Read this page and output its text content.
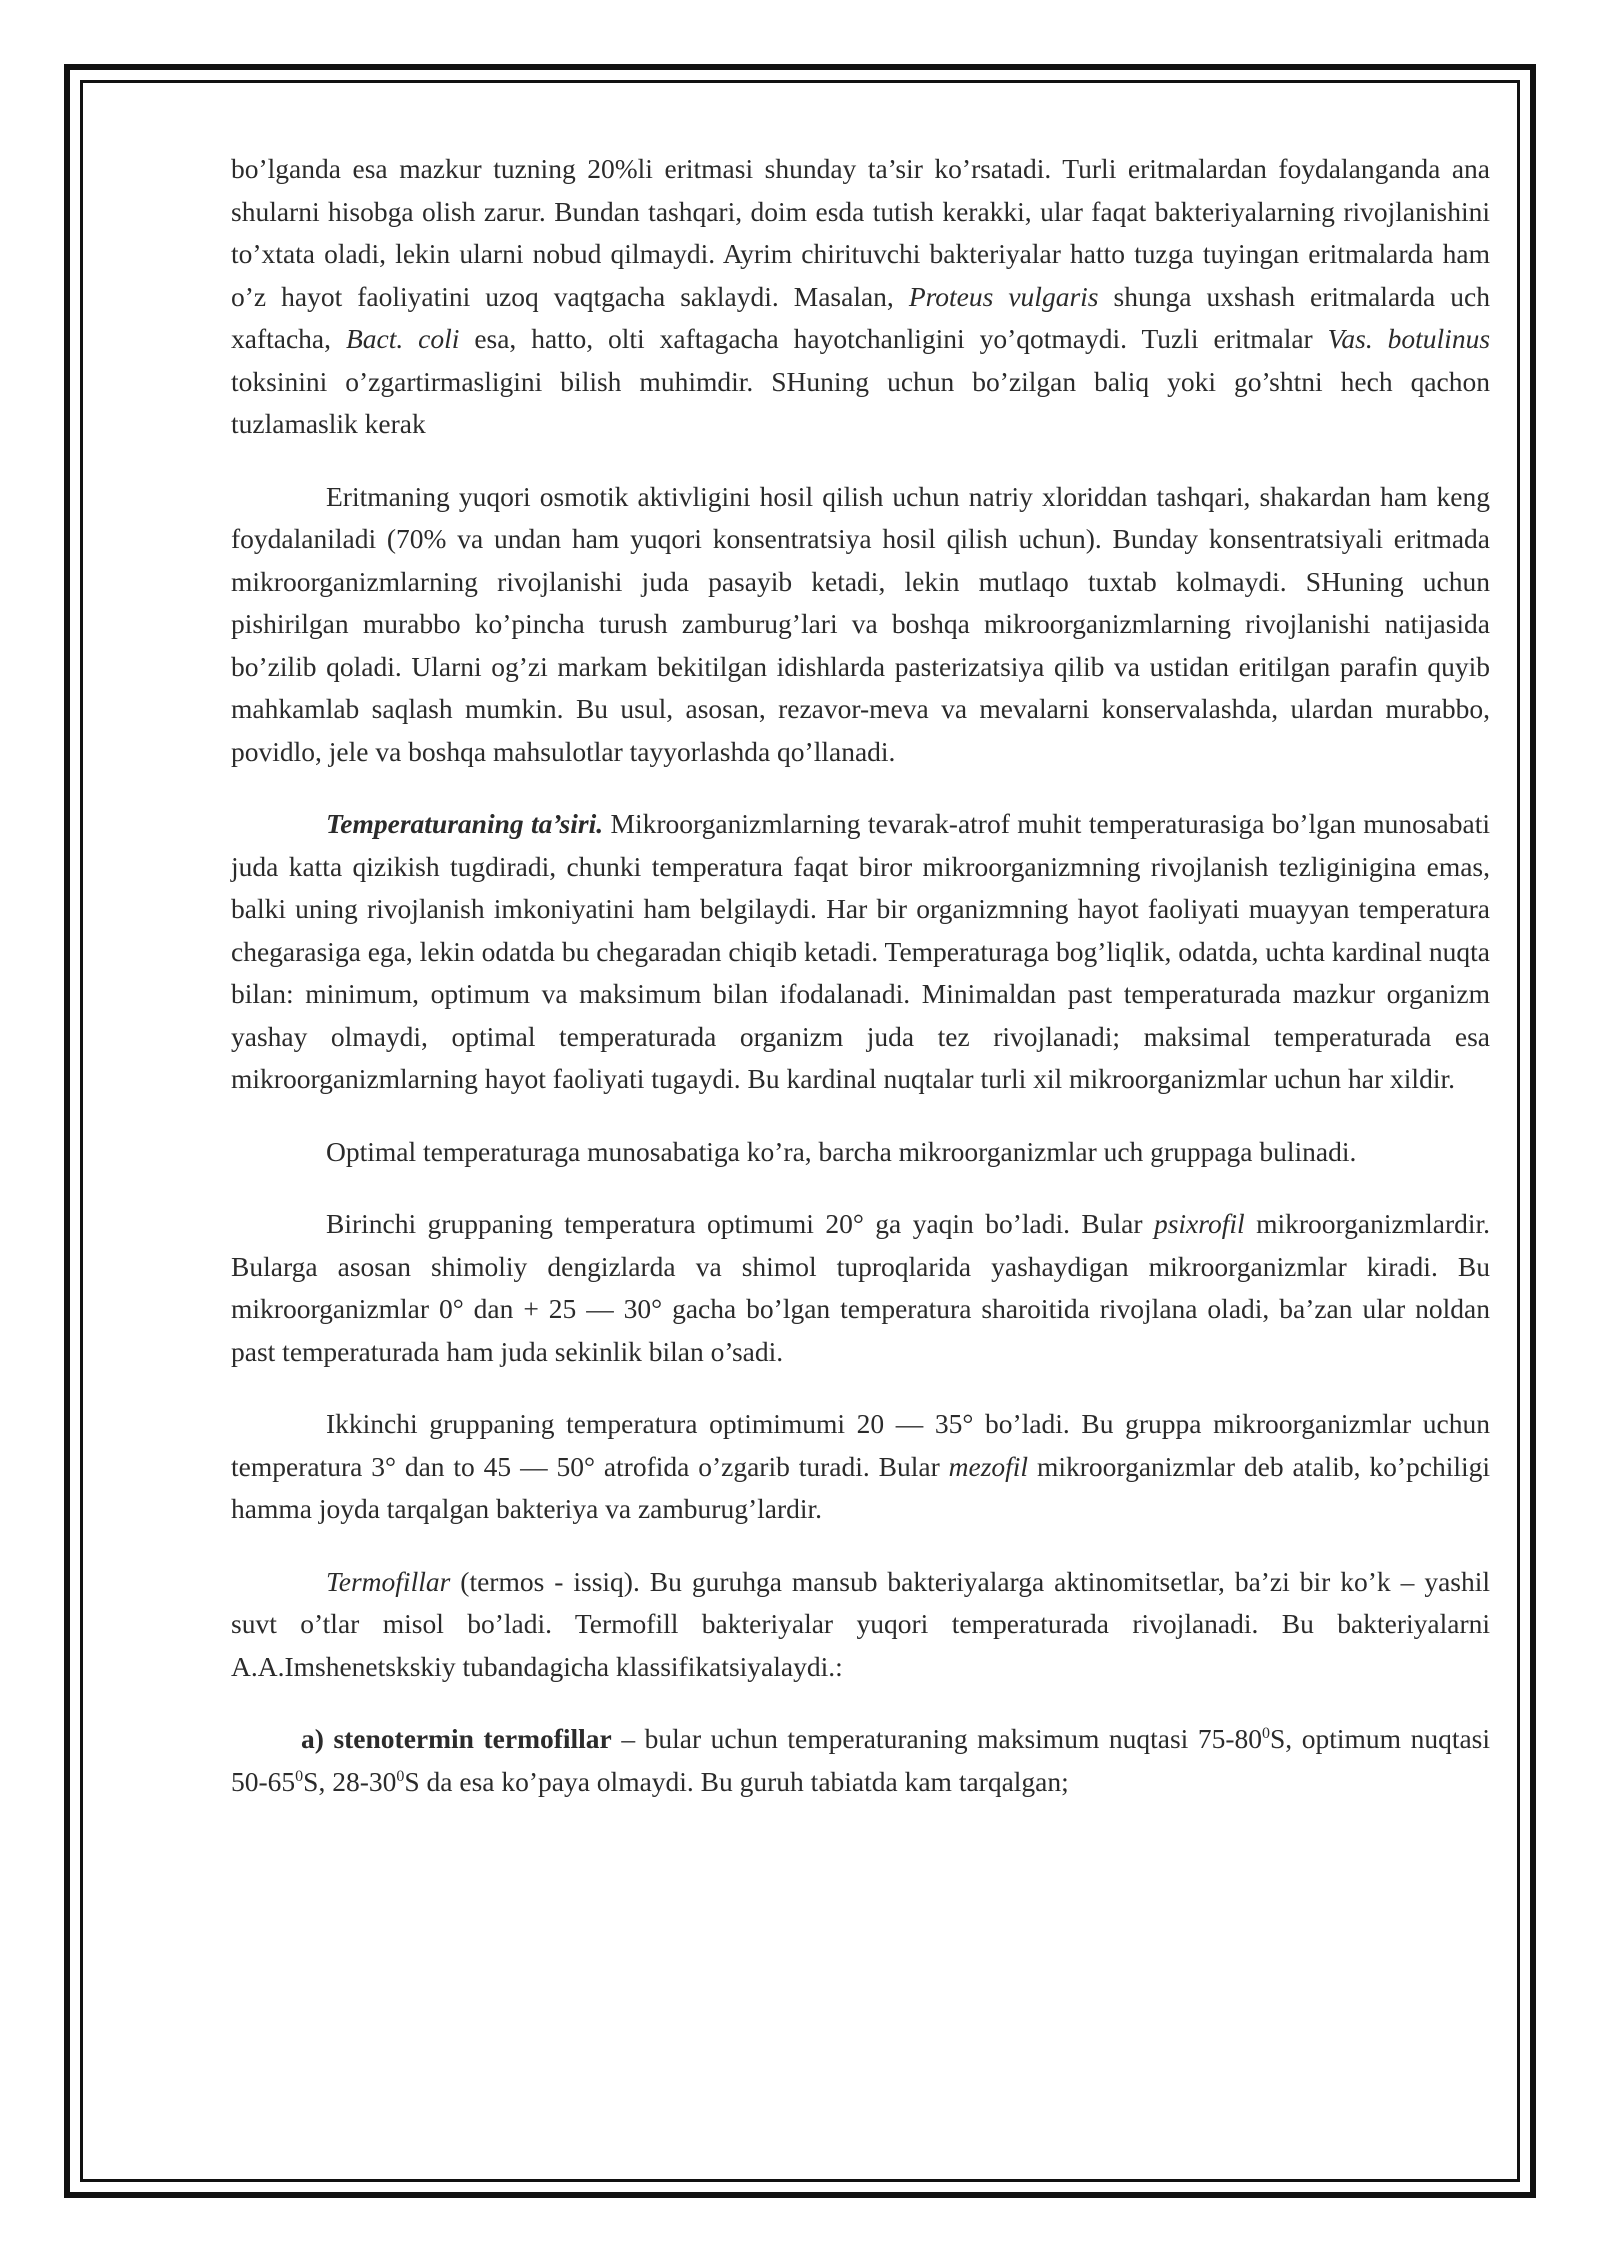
bo’lganda esa mazkur tuzning 20%li eritmasi shunday ta’sir ko’rsatadi. Turli eritmalardan foydalanganda ana shularni hisobga olish zarur. Bundan tashqari, doim esda tutish kerakki, ular faqat bakteriyalarning rivojlanishini to’xtata oladi, lekin ularni nobud qilmaydi. Ayrim chirituvchi bakteriyalar hatto tuzga tuyingan eritmalarda ham o’z hayot faoliyatini uzoq vaqtgacha saklaydi. Masalan, Proteus vulgaris shunga uxshash eritmalarda uch xaftacha, Bact. coli esa, hatto, olti xaftagacha hayotchanligini yo’qotmaydi. Tuzli eritmalar Vas. botulinus toksinini o’zgartirmasligini bilish muhimdir. SHuning uchun bo’zilgan baliq yoki go’shtni hech qachon tuzlamaslik kerak

Eritmaning yuqori osmotik aktivligini hosil qilish uchun natriy xloriddan tashqari, shakardan ham keng foydalaniladi (70% va undan ham yuqori konsentratsiya hosil qilish uchun). Bunday konsentratsiyali eritmada mikroorganizmlarning rivojlanishi juda pasayib ketadi, lekin mutlaqo tuxtab kolmaydi. SHuning uchun pishirilgan murabbo ko’pincha turush zamburug’lari va boshqa mikroorganizmlarning rivojlanishi natijasida bo’zilib qoladi. Ularni og’zi markam bekitilgan idishlarda pasterizatsiya qilib va ustidan eritilgan parafin quyib mahkamlab saqlash mumkin. Bu usul, asosan, rezavor-meva va mevalarni konservalashda, ulardan murabbo, povidlo, jele va boshqa mahsulotlar tayyorlashda qo’llanadi.

Temperaturaning ta’siri. Mikroorganizmlarning tevarak-atrof muhit temperaturasiga bo’lgan munosabati juda katta qizikish tugdiradi, chunki temperatura faqat biror mikroorganizmning rivojlanish tezliginigina emas, balki uning rivojlanish imkoniyatini ham belgilaydi. Har bir organizmning hayot faoliyati muayyan temperatura chegarasiga ega, lekin odatda bu chegaradan chiqib ketadi. Temperaturaga bog’liqlik, odatda, uchta kardinal nuqta bilan: minimum, optimum va maksimum bilan ifodalanadi. Minimaldan past temperaturada mazkur organizm yashay olmaydi, optimal temperaturada organizm juda tez rivojlanadi; maksimal temperaturada esa mikroorganizmlarning hayot faoliyati tugaydi. Bu kardinal nuqtalar turli xil mikroorganizmlar uchun har xildir.

Optimal temperaturaga munosabatiga ko’ra, barcha mikroorganizmlar uch gruppaga bulinadi.

Birinchi gruppaning temperatura optimumi 20° ga yaqin bo’ladi. Bular psixrofil mikroorganizmlardir. Bularga asosan shimoliy dengizlarda va shimol tuproqlarida yashaydigan mikroorganizmlar kiradi. Bu mikroorganizmlar 0° dan + 25 — 30° gacha bo’lgan temperatura sharoitida rivojlana oladi, ba’zan ular noldan past temperaturada ham juda sekinlik bilan o’sadi.

Ikkinchi gruppaning temperatura optimimumi 20 — 35° bo’ladi. Bu gruppa mikroorganizmlar uchun temperatura 3° dan to 45 — 50° atrofida o’zgarib turadi. Bular mezofil mikroorganizmlar deb atalib, ko’pchiligi hamma joyda tarqalgan bakteriya va zamburug’lardir.

Termofillar (termos - issiq). Bu guruhga mansub bakteriyalarga aktinomitsetlar, ba’zi bir ko’k – yashil suvt o’tlar misol bo’ladi. Termofill bakteriyalar yuqori temperaturada rivojlanadi. Bu bakteriyalarni A.A.Imshenetskskiy tubandagicha klassifikatsiyalaydi.:

a) stenotermin termofillar – bular uchun temperaturaning maksimum nuqtasi $75-80^0S$, optimum nuqtasi $50-65^0S$, $28-30^0S$ da esa ko’paya olmaydi. Bu guruh tabiatda kam tarqalgan;
